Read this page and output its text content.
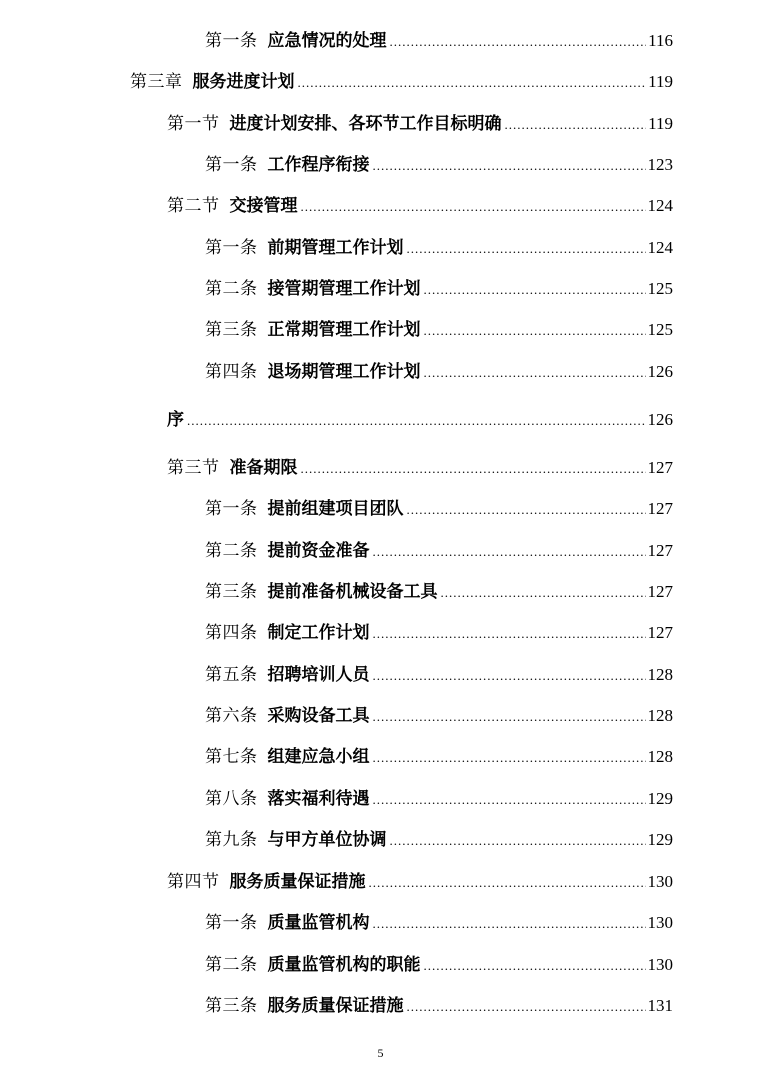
第一条 应急情况的处理 .....	116
第三章 服务进度计划 .....	119
第一节 进度计划安排、各环节工作目标明确 .....	119
第一条 工作程序衔接 .....	123
第二节 交接管理 .....	124
第一条 前期管理工作计划 .....	124
第二条 接管期管理工作计划 .....	125
第三条 正常期管理工作计划 .....	125
第四条 退场期管理工作计划 .....	126
序 .....	126
第三节 准备期限 .....	127
第一条 提前组建项目团队 .....	127
第二条 提前资金准备 .....	127
第三条 提前准备机械设备工具 .....	127
第四条 制定工作计划 .....	127
第五条 招聘培训人员 .....	128
第六条 采购设备工具 .....	128
第七条 组建应急小组 .....	128
第八条 落实福利待遇 .....	129
第九条 与甲方单位协调 .....	129
第四节 服务质量保证措施 .....	130
第一条 质量监管机构 .....	130
第二条 质量监管机构的职能 .....	130
第三条 服务质量保证措施 .....	131
5
